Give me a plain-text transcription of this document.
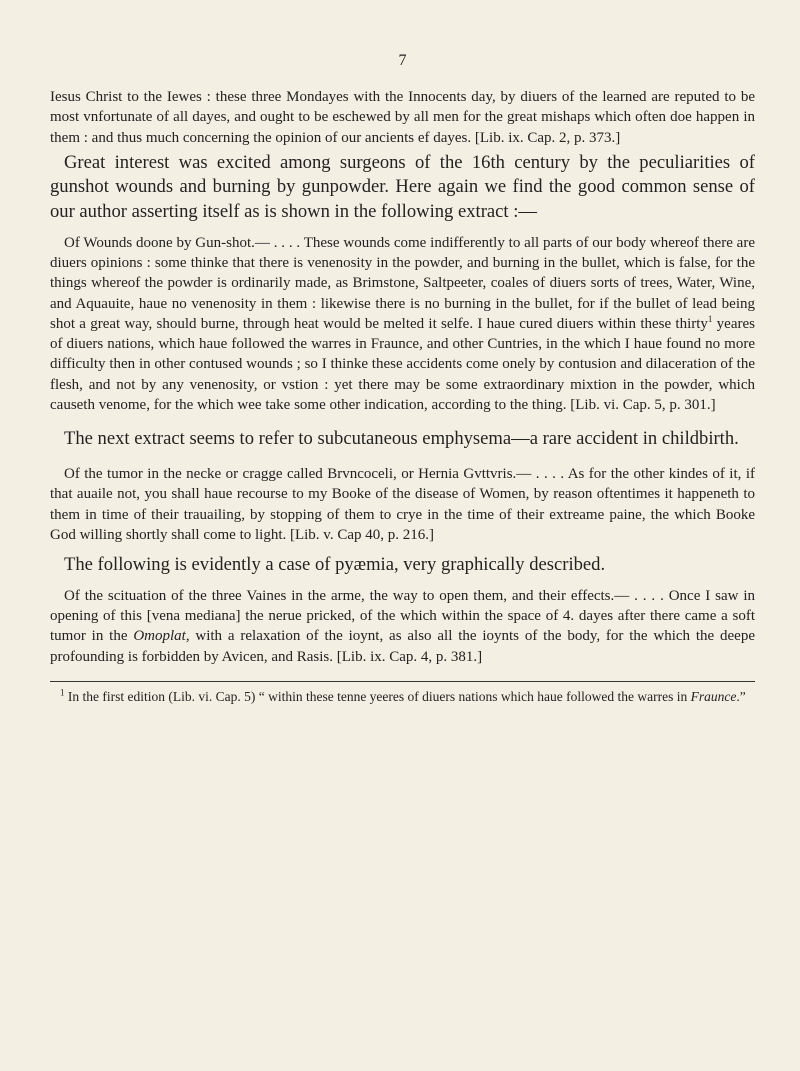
7

Iesus Christ to the Iewes : these three Mondayes with the Innocents day, by diuers of the learned are reputed to be most vnfortunate of all dayes, and ought to be eschewed by all men for the great mishaps which often doe happen in them : and thus much concerning the opinion of our ancients ef dayes. [Lib. ix. Cap. 2, p. 373.]

Great interest was excited among surgeons of the 16th century by the peculiarities of gunshot wounds and burning by gunpowder. Here again we find the good common sense of our author asserting itself as is shown in the following extract :—

Of Wounds doone by Gun-shot.— . . . . These wounds come indifferently to all parts of our body whereof there are diuers opinions : some thinke that there is venenosity in the powder, and burning in the bullet, which is false, for the things whereof the powder is ordinarily made, as Brimstone, Saltpeeter, coales of diuers sorts of trees, Water, Wine, and Aquauite, haue no venenosity in them : likewise there is no burning in the bullet, for if the bullet of lead being shot a great way, should burne, through heat would be melted it selfe. I haue cured diuers within these thirty$^1$ yeares of diuers nations, which haue followed the warres in Fraunce, and other Cuntries, in the which I haue found no more difficulty then in other contused wounds ; so I thinke these accidents come onely by contusion and dilaceration of the flesh, and not by any venenosity, or vstion : yet there may be some extraordinary mixtion in the powder, which causeth venome, for the which wee take some other indication, according to the thing. [Lib. vi. Cap. 5, p. 301.]

The next extract seems to refer to subcutaneous emphysema—a rare accident in childbirth.

Of the tumor in the necke or cragge called Brvncoceli, or Hernia Gvttvris.— . . . . As for the other kindes of it, if that auaile not, you shall haue recourse to my Booke of the disease of Women, by reason oftentimes it happeneth to them in time of their trauailing, by stopping of them to crye in the time of their extreame paine, the which Booke God willing shortly shall come to light. [Lib. v. Cap 40, p. 216.]

The following is evidently a case of pyæmia, very graphically described.

Of the scituation of the three Vaines in the arme, the way to open them, and their effects.— . . . . Once I saw in opening of this [vena mediana] the nerue pricked, of the which within the space of 4. dayes after there came a soft tumor in the Omoplat, with a relaxation of the ioynt, as also all the ioynts of the body, for the which the deepe profounding is forbidden by Avicen, and Rasis. [Lib. ix. Cap. 4, p. 381.]

$^1$ In the first edition (Lib. vi. Cap. 5) “ within these tenne yeeres of diuers nations which haue followed the warres in Fraunce.”
